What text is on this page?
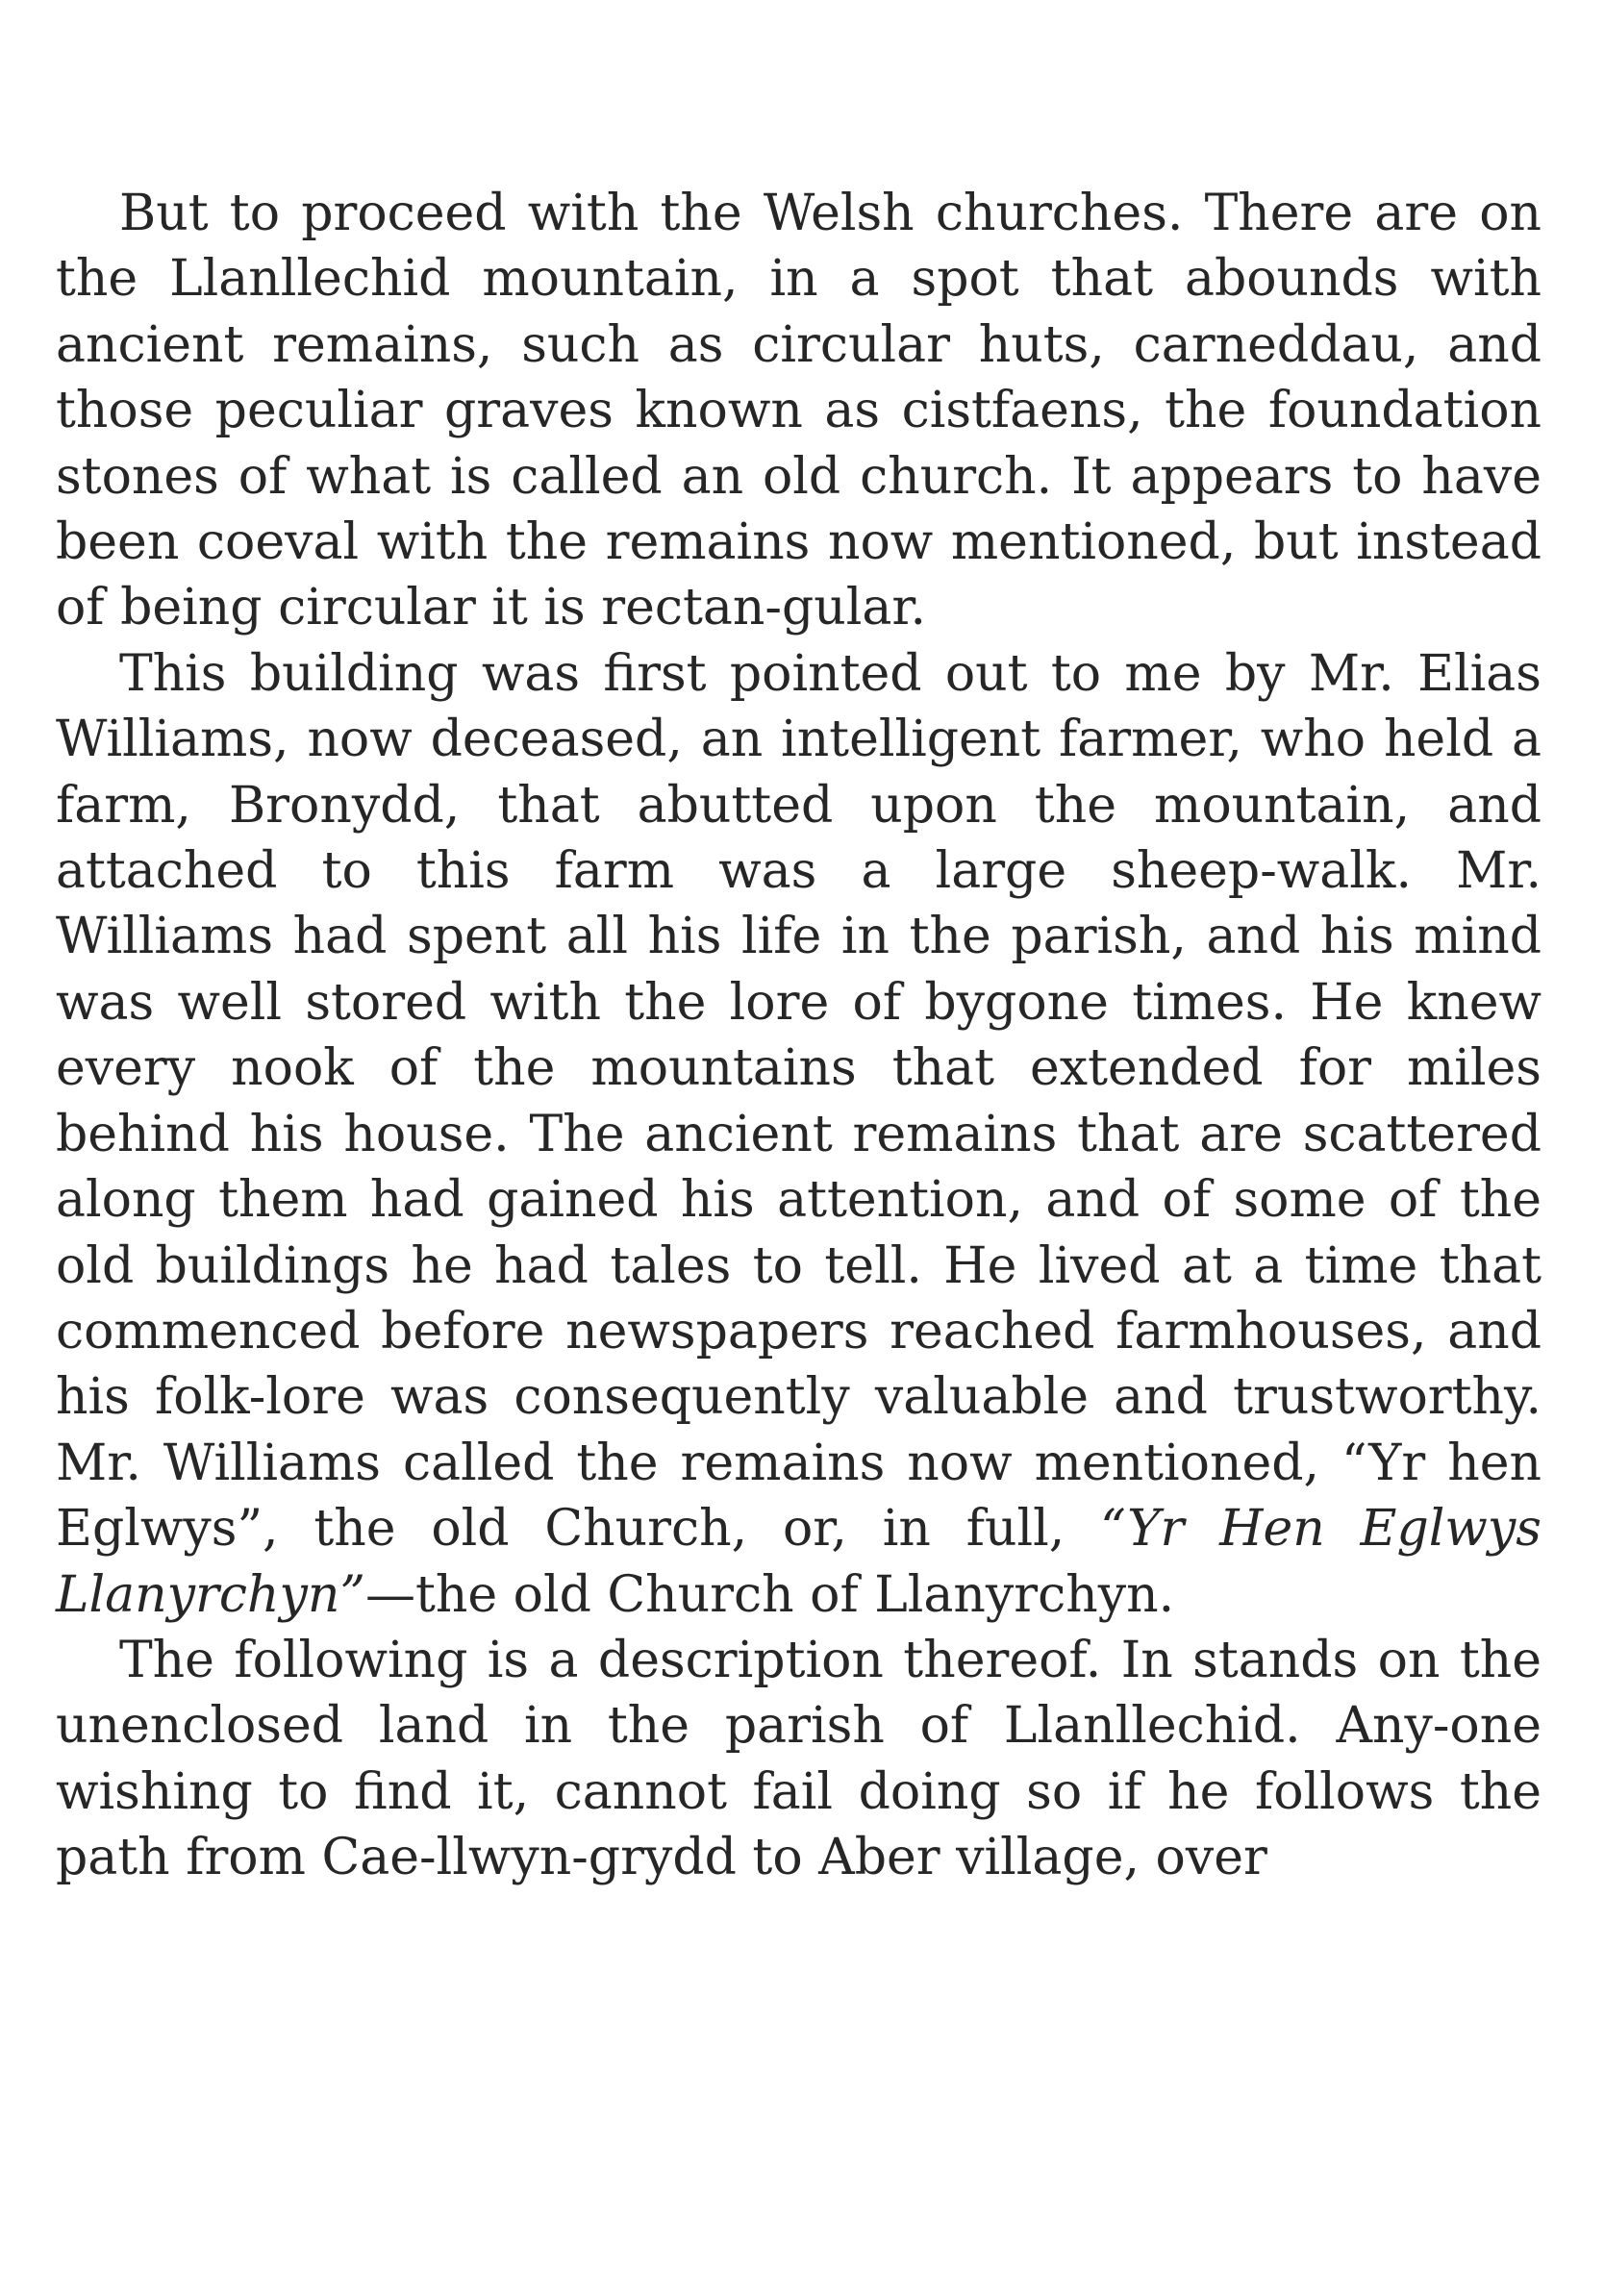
But to proceed with the Welsh churches. There are on the Llanllechid mountain, in a spot that abounds with ancient remains, such as circular huts, carneddau, and those peculiar graves known as cistfaens, the foundation stones of what is called an old church. It appears to have been coeval with the remains now mentioned, but instead of being circular it is rectan-gular.

This building was first pointed out to me by Mr. Elias Williams, now deceased, an intelligent farmer, who held a farm, Bronydd, that abutted upon the mountain, and attached to this farm was a large sheep-walk. Mr. Williams had spent all his life in the parish, and his mind was well stored with the lore of bygone times. He knew every nook of the mountains that extended for miles behind his house. The ancient remains that are scattered along them had gained his attention, and of some of the old buildings he had tales to tell. He lived at a time that commenced before newspapers reached farmhouses, and his folk-lore was consequently valuable and trustworthy. Mr. Williams called the remains now mentioned, “Yr hen Eglwys”, the old Church, or, in full, “Yr Hen Eglwys Llanyrchyn”—the old Church of Llanyrchyn.

The following is a description thereof. In stands on the unenclosed land in the parish of Llanllechid. Any-one wishing to find it, cannot fail doing so if he follows the path from Cae-llwyn-grydd to Aber village, over
